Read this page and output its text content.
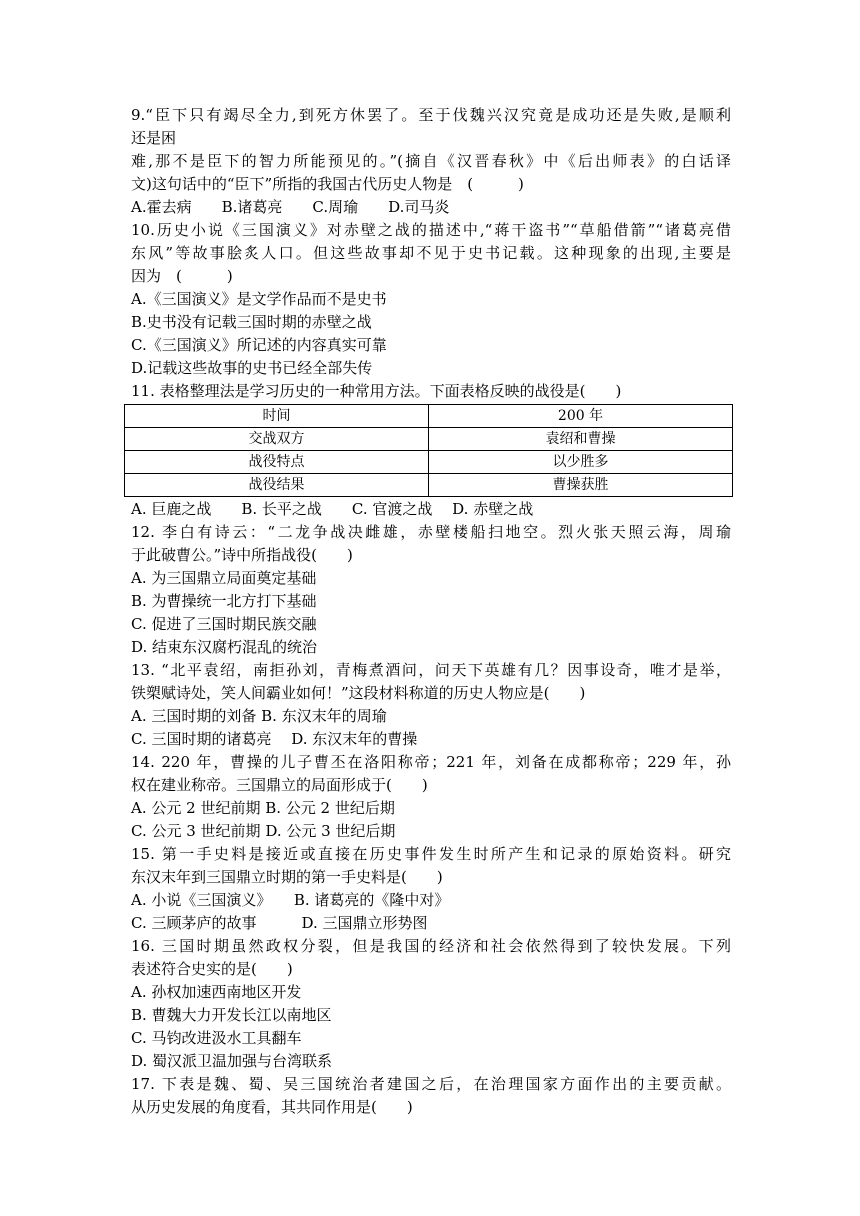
9.“臣下只有竭尽全力,到死方休罢了。至于伐魏兴汉究竟是成功还是失败,是顺利
还是困
难,那不是臣下的智力所能预见的。”(摘自《汉晋春秋》中《后出师表》的白话译
文)这句话中的“臣下”所指的我国古代历史人物是　(　　　)
A.霍去病　　B.诸葛亮　　C.周瑜　　D.司马炎
10.历史小说《三国演义》对赤壁之战的描述中,“蒋干盗书”“草船借箭”“诸葛亮借
东风”等故事脍炙人口。但这些故事却不见于史书记载。这种现象的出现,主要是
因为　(　　　)
A.《三国演义》是文学作品而不是史书
B.史书没有记载三国时期的赤壁之战
C.《三国演义》所记述的内容真实可靠
D.记载这些故事的史书已经全部失传
11. 表格整理法是学习历史的一种常用方法。下面表格反映的战役是(　　)
时间	200 年
交战双方	袁绍和曹操
战役特点	以少胜多
战役结果	曹操获胜
A. 巨鹿之战　　B. 长平之战　　C. 官渡之战　 D. 赤壁之战
12. 李白有诗云：“二龙争战决雌雄，赤壁楼船扫地空。烈火张天照云海，周瑜
于此破曹公。”诗中所指战役(　　)
A. 为三国鼎立局面奠定基础
B. 为曹操统一北方打下基础
C. 促进了三国时期民族交融
D. 结束东汉腐朽混乱的统治
13. “北平袁绍，南拒孙刘，青梅煮酒问，问天下英雄有几？因事设奇，唯才是举，
铁槊赋诗处，笑人间霸业如何！”这段材料称道的历史人物应是(　　)
A. 三国时期的刘备 B. 东汉末年的周瑜
C. 三国时期的诸葛亮　 D. 东汉末年的曹操
14. 220 年，曹操的儿子曹丕在洛阳称帝；221 年，刘备在成都称帝；229 年，孙
权在建业称帝。三国鼎立的局面形成于(　　)
A. 公元 2 世纪前期 B. 公元 2 世纪后期
C. 公元 3 世纪前期 D. 公元 3 世纪后期
15. 第一手史料是接近或直接在历史事件发生时所产生和记录的原始资料。研究
东汉末年到三国鼎立时期的第一手史料是(　　)
A. 小说《三国演义》　　B. 诸葛亮的《隆中对》
C. 三顾茅庐的故事　　　D. 三国鼎立形势图
16. 三国时期虽然政权分裂，但是我国的经济和社会依然得到了较快发展。下列
表述符合史实的是(　　)
A. 孙权加速西南地区开发
B. 曹魏大力开发长江以南地区
C. 马钧改进汲水工具翻车
D. 蜀汉派卫温加强与台湾联系
17. 下表是魏、蜀、吴三国统治者建国之后，在治理国家方面作出的主要贡献。
从历史发展的角度看，其共同作用是(　　)
